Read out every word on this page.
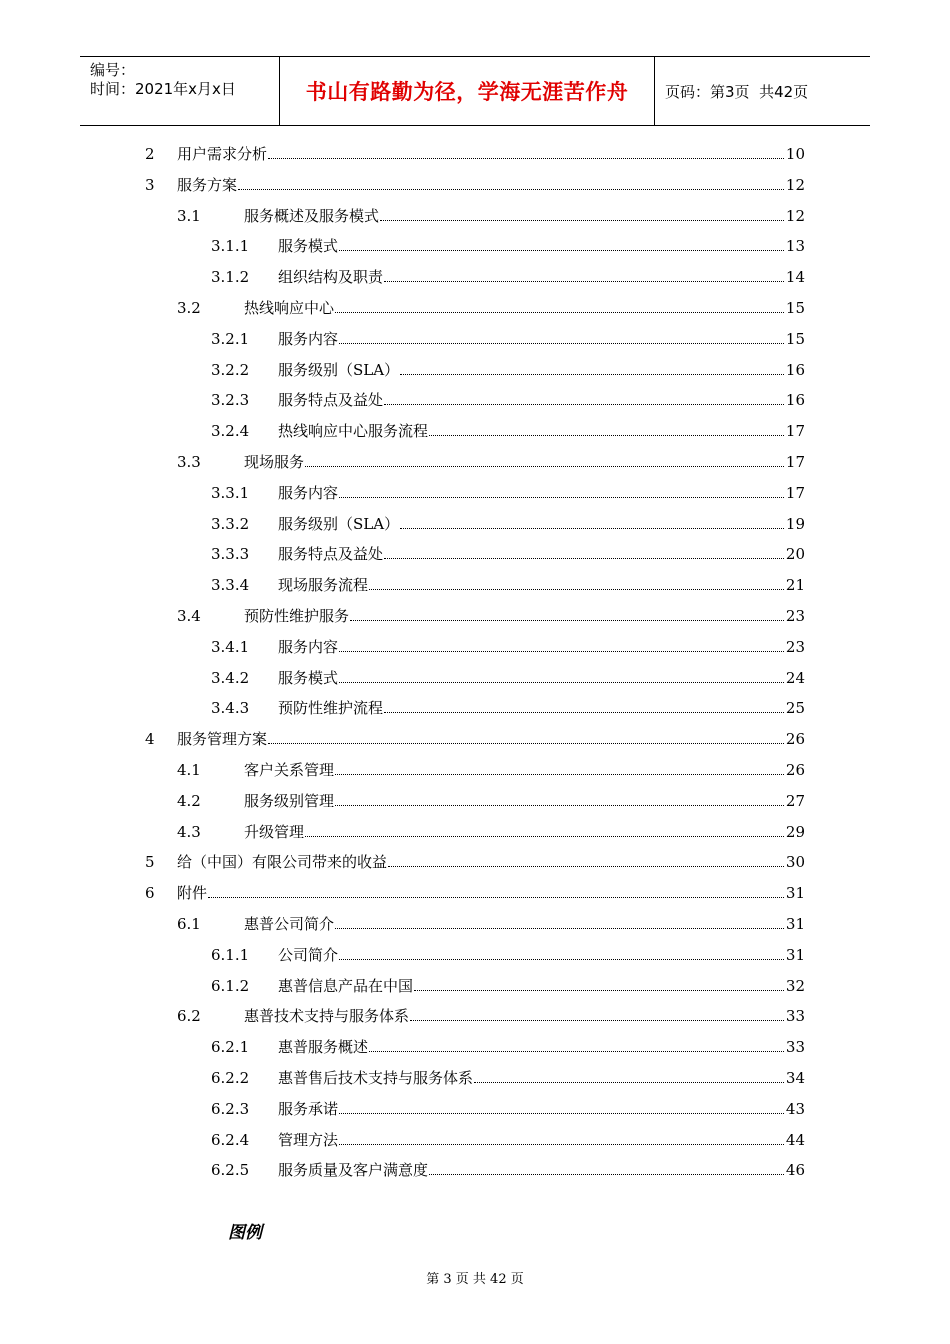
编号：
时间：2021年x月x日	书山有路勤为径，学海无涯苦作舟	页码：第3页  共42页
2 用户需求分析	10
3 服务方案	12
3.1	服务概述及服务模式	12
3.1.1 服务模式	13
3.1.2 组织结构及职责	14
3.2	热线响应中心	15
3.2.1 服务内容	15
3.2.2 服务级别（SLA）	16
3.2.3 服务特点及益处	16
3.2.4 热线响应中心服务流程	17
3.3	现场服务	17
3.3.1 服务内容	17
3.3.2 服务级别（SLA）	19
3.3.3 服务特点及益处	20
3.3.4 现场服务流程	21
3.4	预防性维护服务	23
3.4.1 服务内容	23
3.4.2 服务模式	24
3.4.3 预防性维护流程	25
4 服务管理方案	26
4.1	客户关系管理	26
4.2	服务级别管理	27
4.3	升级管理	29
5 给（中国）有限公司带来的收益	30
6 附件	31
6.1	惠普公司简介	31
6.1.1 公司简介	31
6.1.2 惠普信息产品在中国	32
6.2	惠普技术支持与服务体系	33
6.2.1 惠普服务概述	33
6.2.2 惠普售后技术支持与服务体系	34
6.2.3 服务承诺	43
6.2.4 管理方法	44
6.2.5 服务质量及客户满意度	46
图例
第 3 页 共 42 页
